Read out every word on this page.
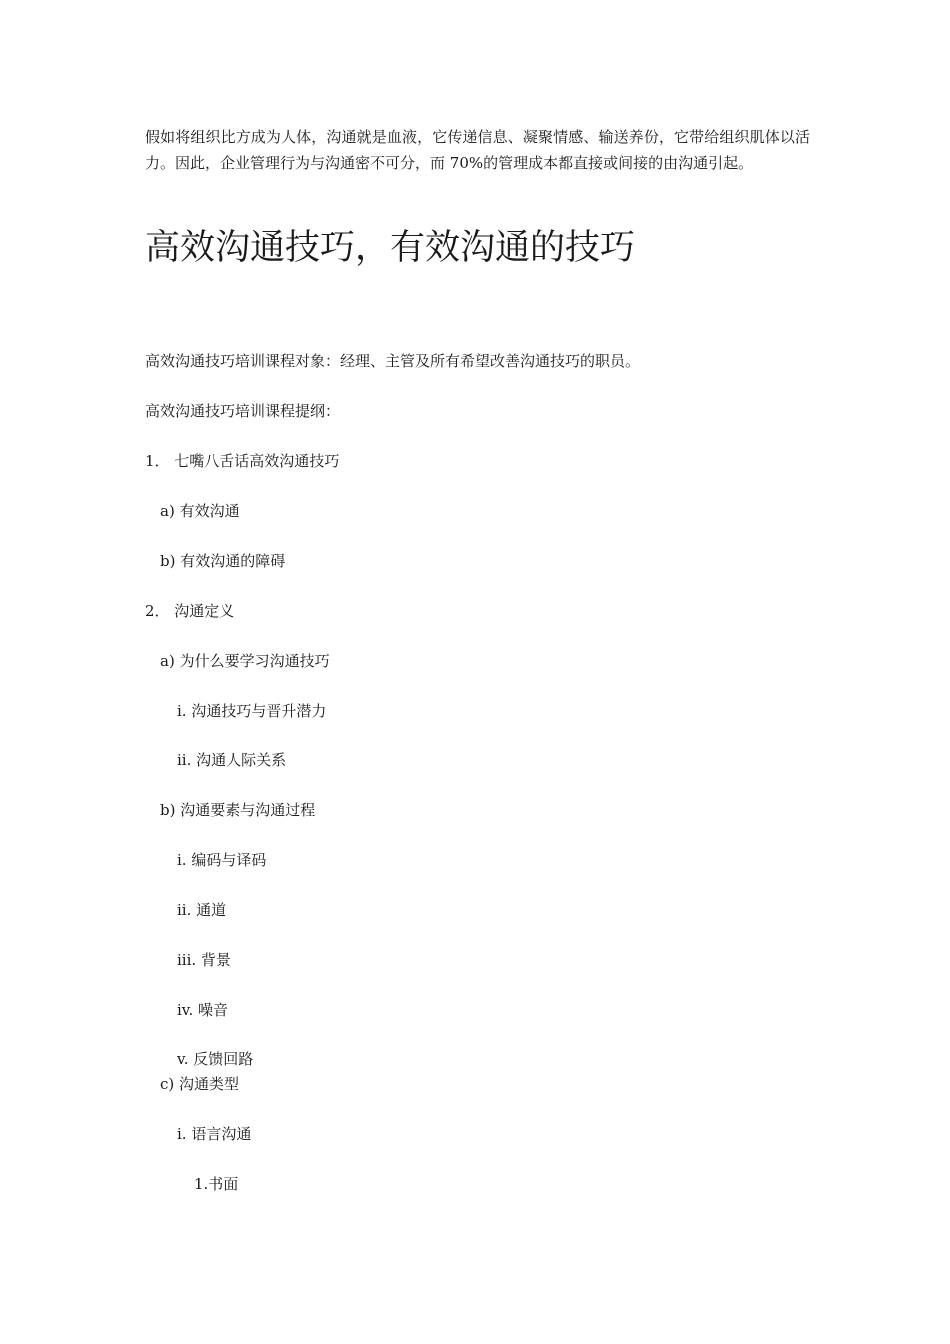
假如将组织比方成为人体，沟通就是血液，它传递信息、凝聚情感、输送养份，它带给组织肌体以活力。因此，企业管理行为与沟通密不可分，而 70%的管理成本都直接或间接的由沟通引起。

高效沟通技巧，有效沟通的技巧

高效沟通技巧培训课程对象：经理、主管及所有希望改善沟通技巧的职员。

高效沟通技巧培训课程提纲：

1． 七嘴八舌话高效沟通技巧

a) 有效沟通

b) 有效沟通的障碍

2． 沟通定义

a) 为什么要学习沟通技巧

i. 沟通技巧与晋升潜力

ii. 沟通人际关系

b) 沟通要素与沟通过程

i. 编码与译码

ii. 通道

iii. 背景

iv. 噪音

v. 反馈回路

c) 沟通类型

i. 语言沟通

1.书面
